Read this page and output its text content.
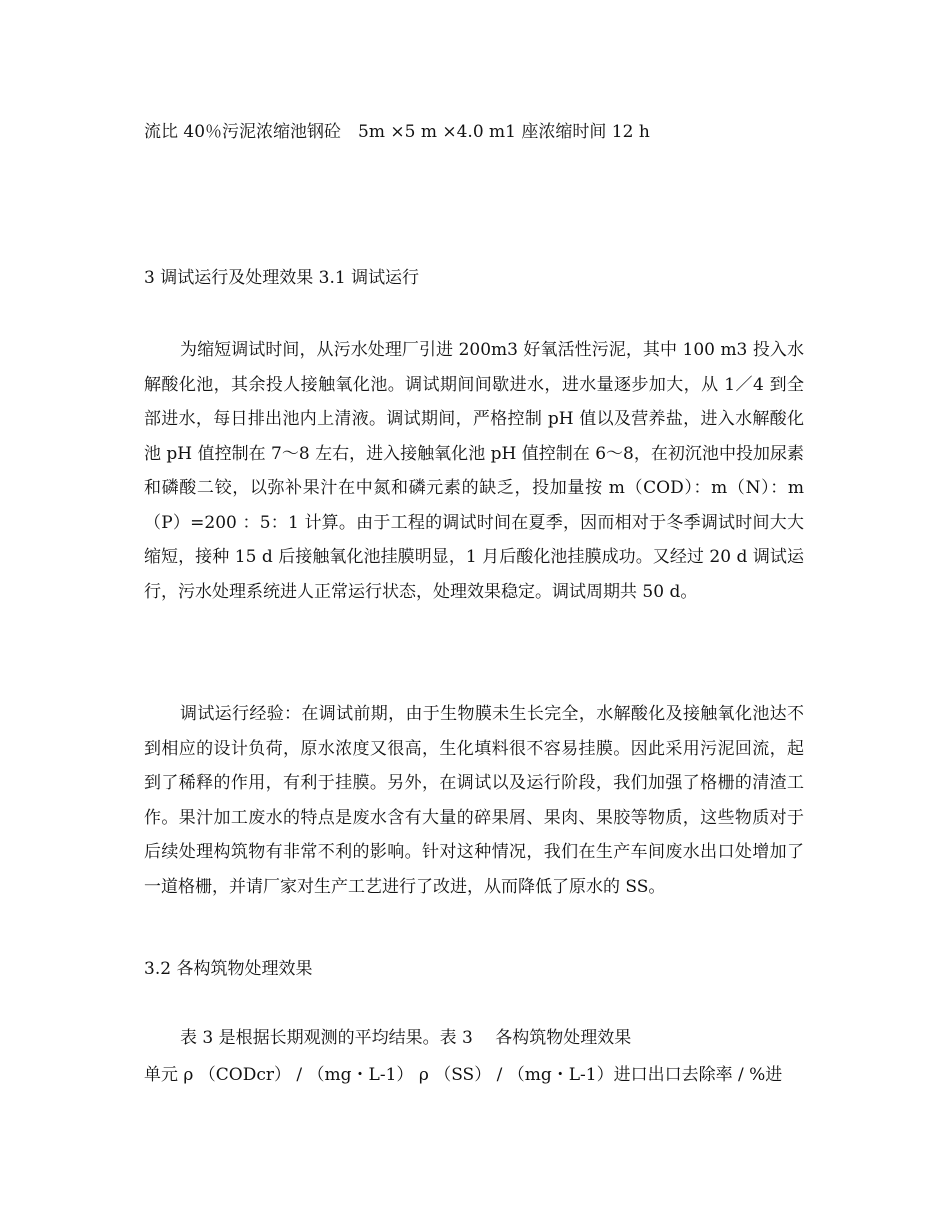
流比 40％污泥浓缩池钢砼　5m ×5 m ×4.0 m1 座浓缩时间 12 h
3 调试运行及处理效果 3.1 调试运行

为缩短调试时间，从污水处理厂引进 200m3 好氧活性污泥，其中 100 m3 投入水解酸化池，其余投人接触氧化池。调试期间间歇进水，进水量逐步加大，从 1／4 到全部进水，每日排出池内上清液。调试期间，严格控制 pH 值以及营养盐，进入水解酸化池 pH 值控制在 7～8 左右，进入接触氧化池 pH 值控制在 6～8，在初沉池中投加尿素和磷酸二铰，以弥补果汁在中氮和磷元素的缺乏，投加量按 m（COD）：m（N）：m（P）=200 ：5：1 计算。由于工程的调试时间在夏季，因而相对于冬季调试时间大大缩短，接种 15 d 后接触氧化池挂膜明显，1 月后酸化池挂膜成功。又经过 20 d 调试运行，污水处理系统进人正常运行状态，处理效果稳定。调试周期共 50 d。

调试运行经验：在调试前期，由于生物膜未生长完全，水解酸化及接触氧化池达不到相应的设计负荷，原水浓度又很高，生化填料很不容易挂膜。因此采用污泥回流，起到了稀释的作用，有利于挂膜。另外，在调试以及运行阶段，我们加强了格栅的清渣工作。果汁加工废水的特点是废水含有大量的碎果屑、果肉、果胶等物质，这些物质对于后续处理构筑物有非常不利的影响。针对这种情况，我们在生产车间废水出口处增加了一道格栅，并请厂家对生产工艺进行了改进，从而降低了原水的 SS。

3.2 各构筑物处理效果
表 3 是根据长期观测的平均结果。表 3　 各构筑物处理效果
单元 ρ （CODcr） / （mg・L-1） ρ （SS） / （mg・L-1）进口出口去除率 / %进
